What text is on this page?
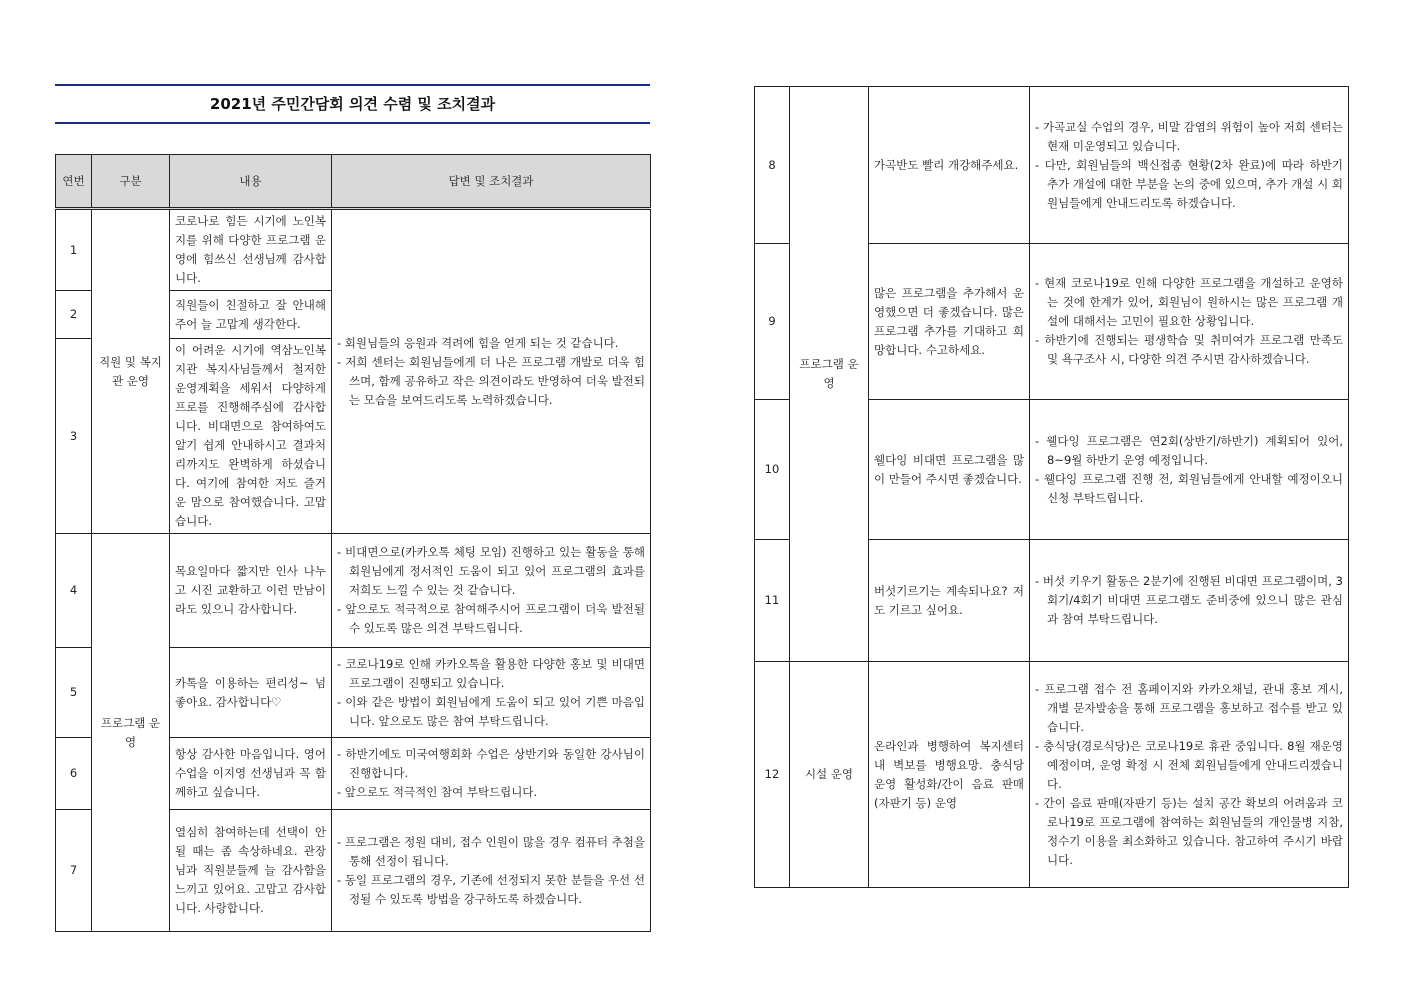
2021년 주민간담회 의견 수렴 및 조치결과
연번	구분	내용	답변 및 조치결과
1	직원 및 복지관 운영	코로나로 힘든 시기에 노인복지를 위해 다양한 프로그램 운영에 힘쓰신 선생님께 감사합니다.	- 회원님들의 응원과 격려에 힘을 얻게 되는 것 같습니다.
- 저희 센터는 회원님들에게 더 나은 프로그램 개발로 더욱 힘쓰며, 함께 공유하고 작은 의견이라도 반영하여 더욱 발전되는 모습을 보여드리도록 노력하겠습니다.

2		직원들이 친절하고 잘 안내해주어 늘 고맙게 생각한다.	
3		이 어려운 시기에 역삼노인복지관 복지사님들께서 철저한 운영계획을 세워서 다양하게 프로를 진행해주심에 감사합니다. 비대면으로 참여하여도 알기 쉽게 안내하시고 결과처리까지도 완벽하게 하셨습니다. 여기에 참여한 저도 즐거운 맘으로 참여했습니다. 고맙습니다.	
4	프로그램 운영	목요일마다 짧지만 인사 나누고 시진 교환하고 이런 만남이라도 있으니 감사합니다.	- 비대면으로(카카오톡 체팅 모임) 진행하고 있는 활동을 통해 회원님에게 정서적인 도움이 되고 있어 프로그램의 효과를 저희도 느낄 수 있는 것 같습니다.
- 앞으로도 적극적으로 참여해주시어 프로그램이 더욱 발전될 수 있도록 많은 의견 부탁드립니다.

5		카톡을 이용하는 편리성~ 넘 좋아요. 감사합니다♡	- 코로나19로 인해 카카오톡을 활용한 다양한 홍보 및 비대면 프로그램이 진행되고 있습니다.
- 이와 같은 방법이 회원님에게 도움이 되고 있어 기쁜 마음입니다. 앞으로도 많은 참여 부탁드립니다.

6		항상 감사한 마음입니다. 영어수업을 이지영 선생님과 꼭 함께하고 싶습니다.	- 하반기에도 미국여행회화 수업은 상반기와 동일한 강사님이 진행합니다.
- 앞으로도 적극적인 참여 부탁드립니다.

7		열심히 참여하는데 선택이 안될 때는 좀 속상하네요. 관장님과 직원분들께 늘 감사함을 느끼고 있어요. 고맙고 감사합니다. 사랑합니다.	- 프로그램은 정원 대비, 접수 인원이 많을 경우 컴퓨터 추첨을 통해 선정이 됩니다.
- 동일 프로그램의 경우, 기존에 선정되지 못한 분들을 우선 선정될 수 있도록 방법을 강구하도록 하겠습니다.
8	프로그램 운영	가곡반도 빨리 개강해주세요.	- 가곡교실 수업의 경우, 비말 감염의 위험이 높아 저희 센터는 현재 미운영되고 있습니다.
- 다만, 회원님들의 백신접종 현황(2차 완료)에 따라 하반기 추가 개설에 대한 부분을 논의 중에 있으며, 추가 개설 시 회원님들에게 안내드리도록 하겠습니다.

9		많은 프로그램을 추가해서 운영했으면 더 좋겠습니다. 많은 프로그램 추가를 기대하고 희망합니다. 수고하세요.	- 현재 코로나19로 인해 다양한 프로그램을 개설하고 운영하는 것에 한계가 있어, 회원님이 원하시는 많은 프로그램 개설에 대해서는 고민이 필요한 상황입니다.
- 하반기에 진행되는 평생학습 및 취미여가 프로그램 만족도 및 욕구조사 시, 다양한 의견 주시면 감사하겠습니다.

10		웰다잉 비대면 프로그램을 많이 만들어 주시면 좋겠습니다.	- 웰다잉 프로그램은 연2회(상반기/하반기) 계획되어 있어, 8~9월 하반기 운영 예정입니다.
- 웰다잉 프로그램 진행 전, 회원님들에게 안내할 예정이오니 신청 부탁드립니다.

11		버섯기르기는 계속되나요? 저도 기르고 싶어요.	- 버섯 키우기 활동은 2분기에 진행된 비대면 프로그램이며, 3회기/4회기 비대면 프로그램도 준비중에 있으니 많은 관심과 참여 부탁드립니다.

12	시설 운영	온라인과 병행하여 복지센터 내 벽보를 병행요망. 충식당 운영 활성화/간이 음료 판매(자판기 등) 운영	- 프로그램 접수 전 홈페이지와 카카오채널, 관내 홍보 게시, 개별 문자발송을 통해 프로그램을 홍보하고 접수를 받고 있습니다.
- 충식당(경로식당)은 코로나19로 휴관 중입니다. 8월 재운영 예정이며, 운영 확정 시 전체 회원님들에게 안내드리겠습니다.
- 간이 음료 판매(자판기 등)는 설치 공간 확보의 어려움과 코로나19로 프로그램에 참여하는 회원님들의 개인물병 지참, 정수기 이용을 최소화하고 있습니다. 참고하여 주시기 바랍니다.
